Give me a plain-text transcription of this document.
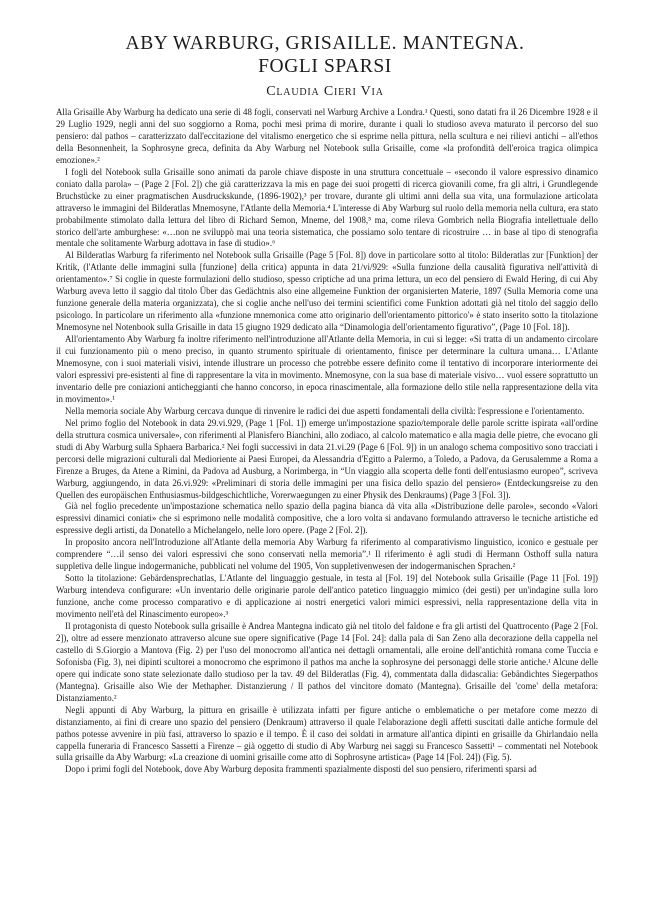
ABY WARBURG, GRISAILLE. MANTEGNA.
FOGLI SPARSI
Claudia Cieri Via

Alla Grisaille Aby Warburg ha dedicato una serie di 48 fogli, conservati nel Warburg Archive a Londra.¹ Questi, sono datati fra il 26 Dicembre 1928 e il 29 Luglio 1929, negli anni del suo soggiorno a Roma, pochi mesi prima di morire, durante i quali lo studioso aveva maturato il percorso del suo pensiero: dal pathos – caratterizzato dall'eccitazione del vitalismo energetico che si esprime nella pittura, nella scultura e nei rilievi antichi – all'ethos della Besonnenheit, la Sophrosyne greca, definita da Aby Warburg nel Notebook sulla Grisaille, come «la profondità dell'eroica tragica olimpica emozione».²

I fogli del Notebook sulla Grisaille sono animati da parole chiave disposte in una struttura concettuale – «secondo il valore espressivo dinamico coniato dalla parola» – (Page 2 [Fol. 2]) che già caratterizzava la mis en page dei suoi progetti di ricerca giovanili come, fra gli altri, i Grundlegende Bruchstücke zu einer pragmatischen Ausdruckskunde, (1896-1902),³ per trovare, durante gli ultimi anni della sua vita, una formulazione articolata attraverso le immagini del Bilderatlas Mnemosyne, l'Atlante della Memoria.⁴ L'interesse di Aby Warburg sul ruolo della memoria nella cultura, era stato probabilmente stimolato dalla lettura del libro di Richard Semon, Mneme, del 1908,⁵ ma, come rileva Gombrich nella Biografia intellettuale dello storico dell'arte amburghese: «…non ne sviluppò mai una teoria sistematica, che possiamo solo tentare di ricostruire … in base al tipo di stenografia mentale che solitamente Warburg adottava in fase di studio».⁶

Al Bilderatlas Warburg fa riferimento nel Notebook sulla Grisaille (Page 5 [Fol. 8]) dove in particolare sotto al titolo: Bilderatlas zur [Funktion] der Kritik, (l'Atlante delle immagini sulla [funzione] della critica) appunta in data 21/vi/929: «Sulla funzione della causalità figurativa nell'attività di orientamento».⁷ Si coglie in queste formulazioni dello studioso, spesso criptiche ad una prima lettura, un eco del pensiero di Ewald Hering, di cui Aby Warburg aveva letto il saggio dal titolo Über das Gedächtnis also eine allgemeine Funktion der organisierten Materie, 1897 (Sulla Memoria come una funzione generale della materia organizzata), che si coglie anche nell'uso dei termini scientifici come Funktion adottati già nel titolo del saggio dello psicologo. In particolare un riferimento alla «funzione mnemonica come atto originario dell'orientamento pittorico'» è stato inserito sotto la titolazione Mnemosyne nel Notenbook sulla Grisaille in data 15 giugno 1929 dedicato alla “Dinamologia dell'orientamento figurativo”, (Page 10 [Fol. 18]).

All'orientamento Aby Warburg fa inoltre riferimento nell'introduzione all'Atlante della Memoria, in cui si legge: «Si tratta di un andamento circolare il cui funzionamento più o meno preciso, in quanto strumento spirituale di orientamento, finisce per determinare la cultura umana… L'Atlante Mnemosyne, con i suoi materiali visivi, intende illustrare un processo che potrebbe essere definito come il tentativo di incorporare interiormente dei valori espressivi pre-esistenti al fine di rappresentare la vita in movimento. Mnemosyne, con la sua base di materiale visivo… vuol essere soprattutto un inventario delle pre coniazioni anticheggianti che hanno concorso, in epoca rinascimentale, alla formazione dello stile nella rappresentazione della vita in movimento».¹

Nella memoria sociale Aby Warburg cercava dunque di rinvenire le radici dei due aspetti fondamentali della civiltà: l'espressione e l'orientamento.

Nel primo foglio del Notebook in data 29.vi.929, (Page 1 [Fol. 1]) emerge un'impostazione spazio/temporale delle parole scritte ispirata «all'ordine della struttura cosmica universale», con riferimenti al Planisfero Bianchini, allo zodiaco, al calcolo matematico e alla magia delle pietre, che evocano gli studi di Aby Warburg sulla Sphaera Barbarica.² Nei fogli successivi in data 21.vi.29 (Page 6 [Fol. 9]) in un analogo schema compositivo sono tracciati i percorsi delle migrazioni culturali dal Medioriente ai Paesi Europei, da Alessandria d'Egitto a Palermo, a Toledo, a Padova, da Gerusalemme a Roma a Firenze a Bruges, da Atene a Rimini, da Padova ad Ausburg, a Norimberga, in “Un viaggio alla scoperta delle fonti dell'entusiasmo europeo”, scriveva Warburg, aggiungendo, in data 26.vi.929: «Preliminari di storia delle immagini per una fisica dello spazio del pensiero» (Entdeckungsreise zu den Quellen des europäischen Enthusiasmus-bildgeschichtliche, Vorerwaegungen zu einer Physik des Denkraums) (Page 3 [Fol. 3]).

Già nel foglio precedente un'impostazione schematica nello spazio della pagina bianca dà vita alla «Distribuzione delle parole», secondo «Valori espressivi dinamici coniati» che si esprimono nelle modalità compositive, che a loro volta si andavano formulando attraverso le tecniche artistiche ed espressive degli artisti, da Donatello a Michelangelo, nelle loro opere. (Page 2 [Fol. 2]).

In proposito ancora nell'Introduzione all'Atlante della memoria Aby Warburg fa riferimento al comparativismo linguistico, iconico e gestuale per comprendere “…il senso dei valori espressivi che sono conservati nella memoria”.¹ Il riferimento è agli studi di Hermann Osthoff sulla natura suppletiva delle lingue indogermaniche, pubblicati nel volume del 1905, Von suppletivenwesen der indogermanischen Sprachen.²

Sotto la titolazione: Gebärdensprechatlas, L'Atlante del linguaggio gestuale, in testa al [Fol. 19] del Notebook sulla Grisaille (Page 11 [Fol. 19]) Warburg intendeva configurare: «Un inventario delle originarie parole dell'antico patetico linguaggio mimico (dei gesti) per un'indagine sulla loro funzione, anche come processo comparativo e di applicazione ai nostri energetici valori mimici espressivi, nella rappresentazione della vita in movimento nell'età del Rinascimento europeo».³

Il protagonista di questo Notebook sulla grisaille è Andrea Mantegna indicato già nel titolo del faldone e fra gli artisti del Quattrocento (Page 2 [Fol. 2]), oltre ad essere menzionato attraverso alcune sue opere significative (Page 14 [Fol. 24]: dalla pala di San Zeno alla decorazione della cappella nel castello di S.Giorgio a Mantova (Fig. 2) per l'uso del monocromo all'antica nei dettagli ornamentali, alle eroine dell'antichità romana come Tuccia e Sofonisba (Fig. 3), nei dipinti scultorei a monocromo che esprimono il pathos ma anche la sophrosyne dei personaggi delle storie antiche.¹ Alcune delle opere qui indicate sono state selezionate dallo studioso per la tav. 49 del Bilderatlas (Fig. 4), commentata dalla didascalia: Gebändichtes Siegerpathos (Mantegna). Grisaille also Wie der Methapher. Distanzierung / Il pathos del vincitore domato (Mantegna). Grisaille del 'come' della metafora: Distanziamento.²

Negli appunti di Aby Warburg, la pittura en grisaille è utilizzata infatti per figure antiche o emblematiche o per metafore come mezzo di distanziamento, ai fini di creare uno spazio del pensiero (Denkraum) attraverso il quale l'elaborazione degli affetti suscitati dalle antiche formule del pathos potesse avvenire in più fasi, attraverso lo spazio e il tempo. È il caso dei soldati in armature all'antica dipinti en grisaille da Ghirlandaio nella cappella funeraria di Francesco Sassetti a Firenze – già oggetto di studio di Aby Warburg nei saggi su Francesco Sassetti¹ – commentati nel Notebook sulla grisaille da Aby Warburg: «La creazione di uomini grisaille come atto di Sophrosyne artistica» (Page 14 [Fol. 24]) (Fig. 5).

Dopo i primi fogli del Notebook, dove Aby Warburg deposita frammenti spazialmente disposti del suo pensiero, riferimenti sparsi ad
